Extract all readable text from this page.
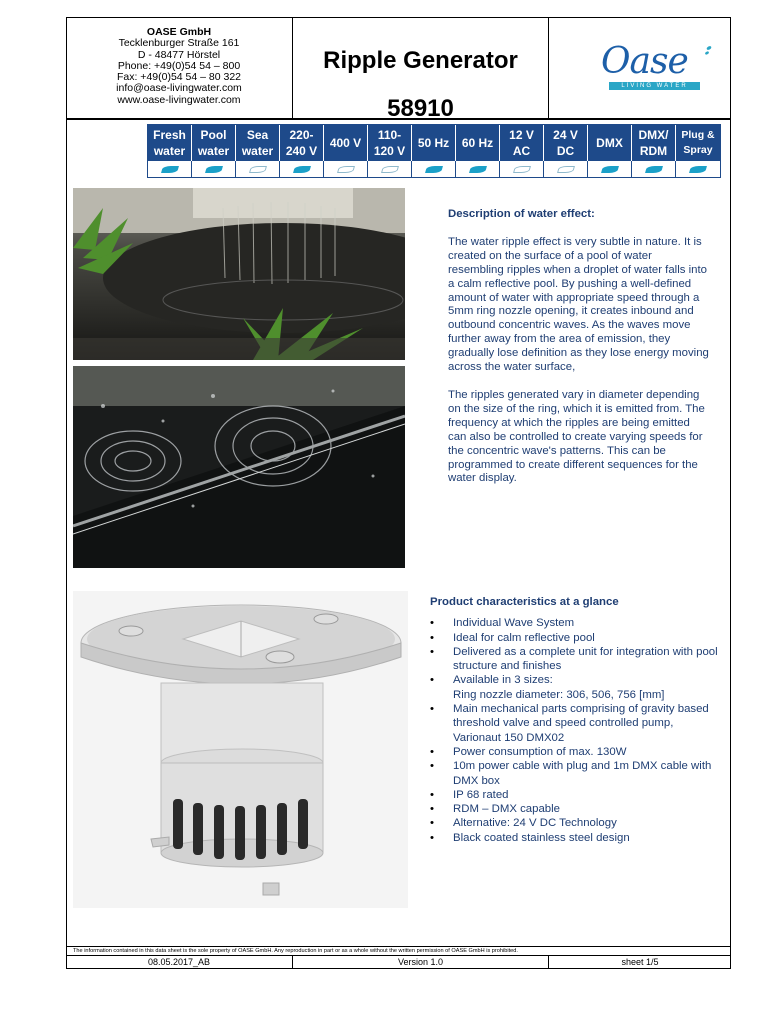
OASE GmbH
Tecklenburger Straße 161
D - 48477 Hörstel
Phone: +49(0)54 54 – 800
Fax: +49(0)54 54 – 80 322
info@oase-livingwater.com
www.oase-livingwater.com
Ripple Generator
58910
Oase
LIVING WATER
Fresh
water
Pool
water
Sea
water
220-
240 V
400 V
110-
120 V
50 Hz 60 Hz
12 V
AC
24 V
DC
DMX
DMX/
RDM
Plug &
Spray
Description of water effect:

The water ripple effect is very subtle in nature. It is created on the surface of a pool of water resembling ripples when a droplet of water falls into a calm reflective pool. By pushing a well-defined amount of water with appropriate speed through a 5mm ring nozzle opening, it creates inbound and outbound concentric waves. As the waves move further away from the area of emission, they gradually lose definition as they lose energy moving across the water surface,

The ripples generated vary in diameter depending on the size of the ring, which it is emitted from. The frequency at which the ripples are being emitted can also be controlled to create varying speeds for the concentric wave's patterns. This can be programmed to create different sequences for the water display.

Product characteristics at a glance
• Individual Wave System
• Ideal for calm reflective pool
• Delivered as a complete unit for integration with pool structure and finishes
• Available in 3 sizes:
Ring nozzle diameter: 306, 506, 756 [mm]
• Main mechanical parts comprising of gravity based threshold valve and speed controlled pump, Varionaut 150 DMX02
• Power consumption of max. 130W
• 10m power cable with plug and 1m DMX cable with DMX box
• IP 68 rated
• RDM – DMX capable
• Alternative: 24 V DC Technology
• Black coated stainless steel design
The information contained in this data sheet is the sole property of OASE GmbH. Any reproduction in part or as a whole without the written permission of OASE GmbH is prohibited.
08.05.2017_AB	Version 1.0	sheet 1/5
